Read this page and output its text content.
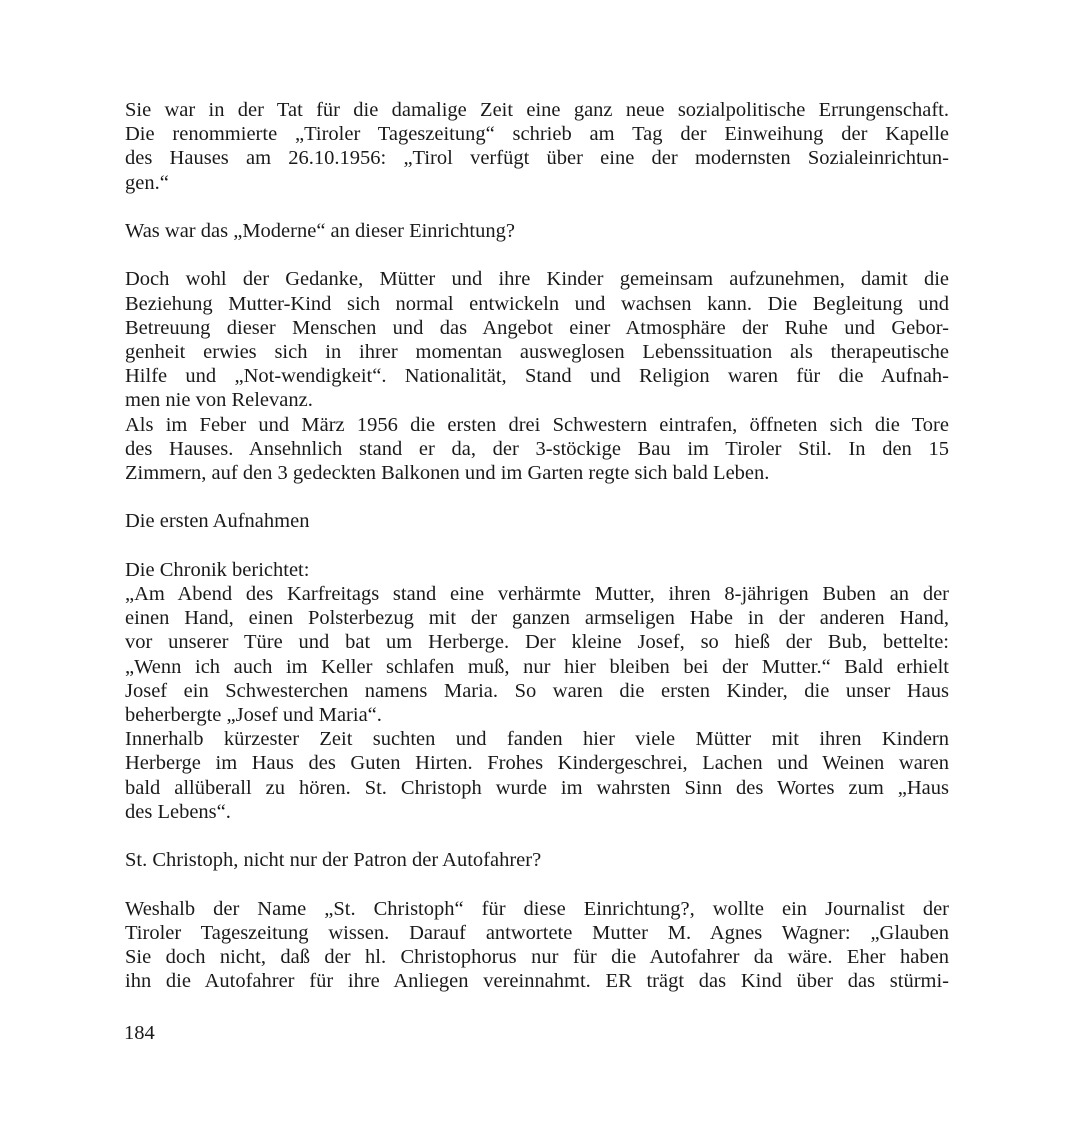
Sie war in der Tat für die damalige Zeit eine ganz neue sozialpolitische Errungenschaft.
Die renommierte „Tiroler Tageszeitung“ schrieb am Tag der Einweihung der Kapelle
des Hauses am 26.10.1956: „Tirol verfügt über eine der modernsten Sozialeinrichtun-
gen.“

Was war das „Moderne“ an dieser Einrichtung?

Doch wohl der Gedanke, Mütter und ihre Kinder gemeinsam aufzunehmen, damit die
Beziehung Mutter-Kind sich normal entwickeln und wachsen kann. Die Begleitung und
Betreuung dieser Menschen und das Angebot einer Atmosphäre der Ruhe und Gebor-
genheit erwies sich in ihrer momentan ausweglosen Lebenssituation als therapeutische
Hilfe und „Not-wendigkeit“. Nationalität, Stand und Religion waren für die Aufnah-
men nie von Relevanz.
Als im Feber und März 1956 die ersten drei Schwestern eintrafen, öffneten sich die Tore
des Hauses. Ansehnlich stand er da, der 3-stöckige Bau im Tiroler Stil. In den 15
Zimmern, auf den 3 gedeckten Balkonen und im Garten regte sich bald Leben.

Die ersten Aufnahmen

Die Chronik berichtet:
„Am Abend des Karfreitags stand eine verhärmte Mutter, ihren 8-jährigen Buben an der
einen Hand, einen Polsterbezug mit der ganzen armseligen Habe in der anderen Hand,
vor unserer Türe und bat um Herberge. Der kleine Josef, so hieß der Bub, bettelte:
„Wenn ich auch im Keller schlafen muß, nur hier bleiben bei der Mutter.“ Bald erhielt
Josef ein Schwesterchen namens Maria. So waren die ersten Kinder, die unser Haus
beherbergte „Josef und Maria“.
Innerhalb kürzester Zeit suchten und fanden hier viele Mütter mit ihren Kindern
Herberge im Haus des Guten Hirten. Frohes Kindergeschrei, Lachen und Weinen waren
bald allüberall zu hören. St. Christoph wurde im wahrsten Sinn des Wortes zum „Haus
des Lebens“.

St. Christoph, nicht nur der Patron der Autofahrer?

Weshalb der Name „St. Christoph“ für diese Einrichtung?, wollte ein Journalist der
Tiroler Tageszeitung wissen. Darauf antwortete Mutter M. Agnes Wagner: „Glauben
Sie doch nicht, daß der hl. Christophorus nur für die Autofahrer da wäre. Eher haben
ihn die Autofahrer für ihre Anliegen vereinnahmt. ER trägt das Kind über das stürmi-

184
